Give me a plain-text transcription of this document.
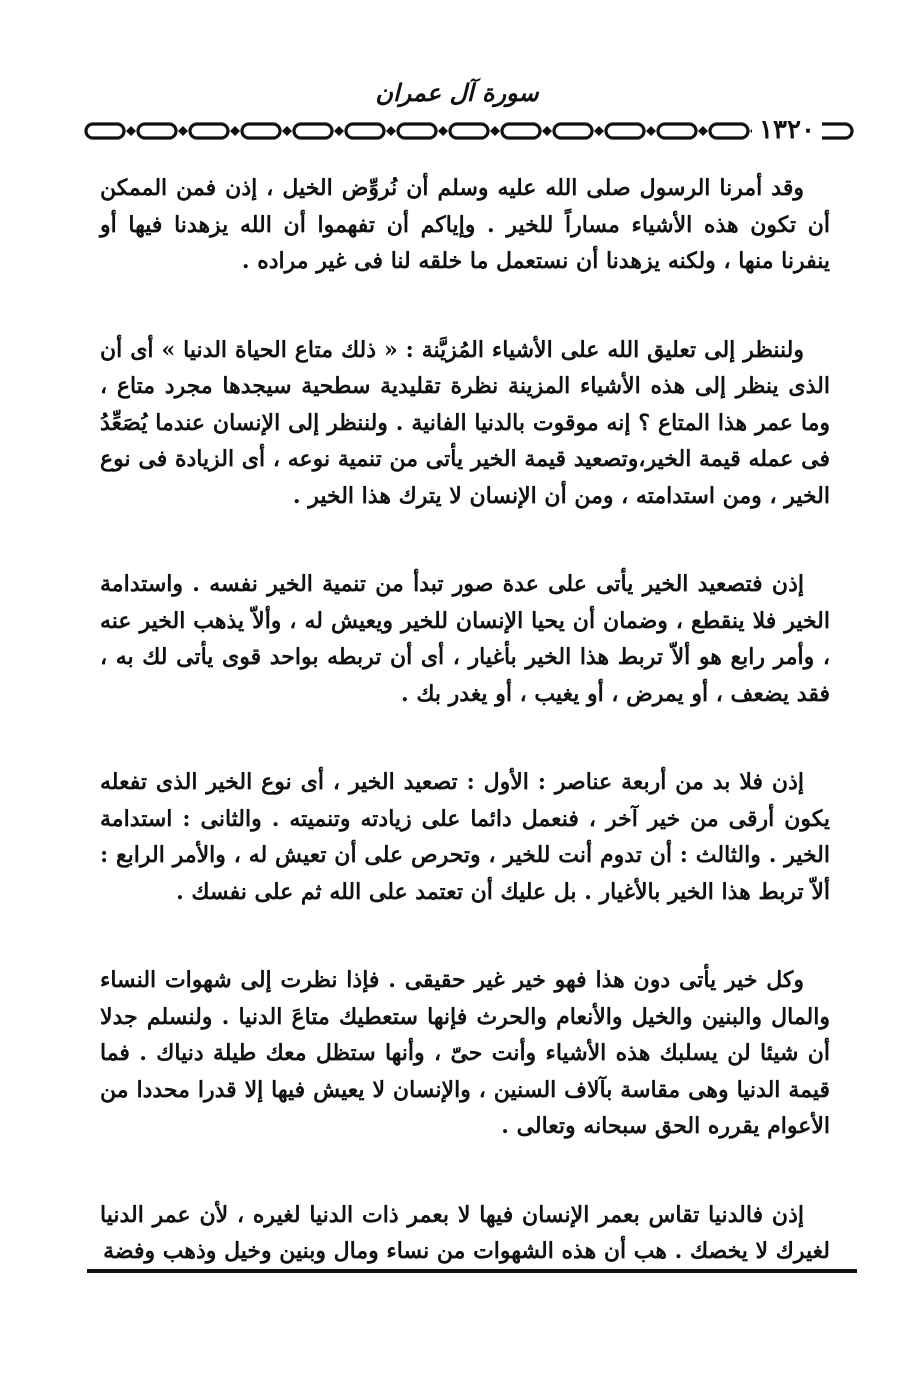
سورة آل عمران
١٣٢٠

وقد أمرنا الرسول صلى الله عليه وسلم أن نُروِّض الخيل ، إذن فمن الممكن أن تكون هذه الأشياء مساراً للخير . وإياكم أن تفهموا أن الله يزهدنا فيها أو ينفرنا منها ، ولكنه يزهدنا أن نستعمل ما خلقه لنا فى غير مراده .

ولننظر إلى تعليق الله على الأشياء المُزيَّنة : « ذلك متاع الحياة الدنيا » أى أن الذى ينظر إلى هذه الأشياء المزينة نظرة تقليدية سطحية سيجدها مجرد متاع ، وما عمر هذا المتاع ؟ إنه موقوت بالدنيا الفانية . ولننظر إلى الإنسان عندما يُصَعِّدُ فى عمله قيمة الخير،وتصعيد قيمة الخير يأتى من تنمية نوعه ، أى الزيادة فى نوع الخير ، ومن استدامته ، ومن أن الإنسان لا يترك هذا الخير .

إذن فتصعيد الخير يأتى على عدة صور تبدأ من تنمية الخير نفسه . واستدامة الخير فلا ينقطع ، وضمان أن يحيا الإنسان للخير ويعيش له ، وألاّ يذهب الخير عنه ، وأمر رابع هو ألاّ تربط هذا الخير بأغيار ، أى أن تربطه بواحد قوى يأتى لك به ، فقد يضعف ، أو يمرض ، أو يغيب ، أو يغدر بك .

إذن فلا بد من أربعة عناصر : الأول : تصعيد الخير ، أى نوع الخير الذى تفعله يكون أرقى من خير آخر ، فنعمل دائما على زيادته وتنميته . والثانى : استدامة الخير . والثالث : أن تدوم أنت للخير ، وتحرص على أن تعيش له ، والأمر الرابع : ألاّ تربط هذا الخير بالأغيار . بل عليك أن تعتمد على الله ثم على نفسك .

وكل خير يأتى دون هذا فهو خير غير حقيقى . فإذا نظرت إلى شهوات النساء والمال والبنين والخيل والأنعام والحرث فإنها ستعطيك متاعَ الدنيا . ولنسلم جدلا أن شيئا لن يسلبك هذه الأشياء وأنت حىّ ، وأنها ستظل معك طيلة دنياك . فما قيمة الدنيا وهى مقاسة بآلاف السنين ، والإنسان لا يعيش فيها إلا قدرا محددا من الأعوام يقرره الحق سبحانه وتعالى .

إذن فالدنيا تقاس بعمر الإنسان فيها لا بعمر ذات الدنيا لغيره ، لأن عمر الدنيا لغيرك لا يخصك . هب أن هذه الشهوات من نساء ومال وبنين وخيل وذهب وفضة
